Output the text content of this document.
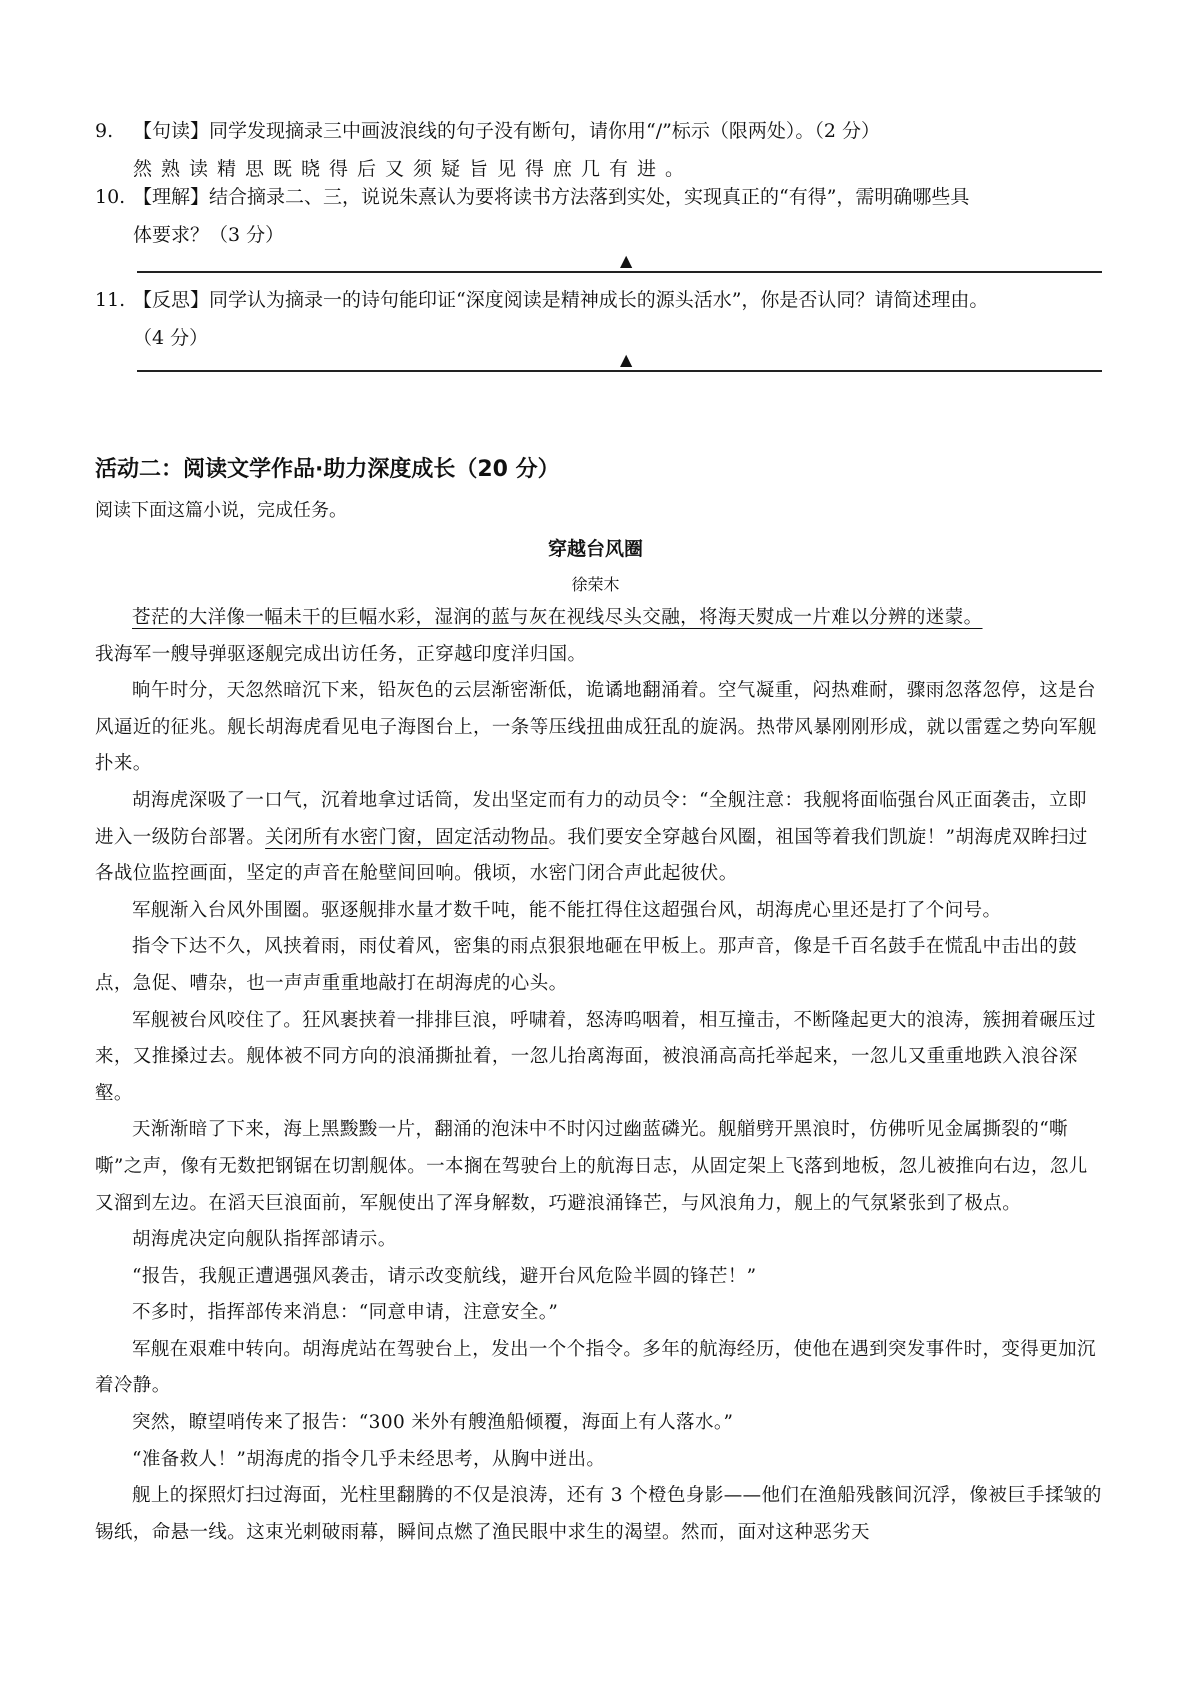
9. 【句读】同学发现摘录三中画波浪线的句子没有断句，请你用“/”标示（限两处）。（2 分）
然熟读精思既晓得后又须疑旨见得庶几有进。
10. 【理解】结合摘录二、三，说说朱熹认为要将读书方法落到实处，实现真正的“有得”，需明确哪些具
体要求？（3 分）
▲
11. 【反思】同学认为摘录一的诗句能印证“深度阅读是精神成长的源头活水”，你是否认同？请简述理由。
（4 分）
▲
活动二：阅读文学作品·助力深度成长（20 分）
阅读下面这篇小说，完成任务。
穿越台风圈
徐荣木

苍茫的大洋像一幅未干的巨幅水彩，湿润的蓝与灰在视线尽头交融，将海天熨成一片难以分辨的迷蒙。

我海军一艘导弹驱逐舰完成出访任务，正穿越印度洋归国。

晌午时分，天忽然暗沉下来，铅灰色的云层渐密渐低，诡谲地翻涌着。空气凝重，闷热难耐，骤雨忽落忽停，这是台风逼近的征兆。舰长胡海虎看见电子海图台上，一条等压线扭曲成狂乱的旋涡。热带风暴刚刚形成，就以雷霆之势向军舰扑来。

胡海虎深吸了一口气，沉着地拿过话筒，发出坚定而有力的动员令：“全舰注意：我舰将面临强台风正面袭击，立即进入一级防台部署。关闭所有水密门窗，固定活动物品。我们要安全穿越台风圈，祖国等着我们凯旋！”胡海虎双眸扫过各战位监控画面，坚定的声音在舱壁间回响。俄顷，水密门闭合声此起彼伏。

军舰渐入台风外围圈。驱逐舰排水量才数千吨，能不能扛得住这超强台风，胡海虎心里还是打了个问号。

指令下达不久，风挟着雨，雨仗着风，密集的雨点狠狠地砸在甲板上。那声音，像是千百名鼓手在慌乱中击出的鼓点，急促、嘈杂，也一声声重重地敲打在胡海虎的心头。

军舰被台风咬住了。狂风裹挟着一排排巨浪，呼啸着，怒涛呜咽着，相互撞击，不断隆起更大的浪涛，簇拥着碾压过来，又推搡过去。舰体被不同方向的浪涌撕扯着，一忽儿抬离海面，被浪涌高高托举起来，一忽儿又重重地跌入浪谷深壑。

天渐渐暗了下来，海上黑黢黢一片，翻涌的泡沫中不时闪过幽蓝磷光。舰艏劈开黑浪时，仿佛听见金属撕裂的“嘶嘶”之声，像有无数把钢锯在切割舰体。一本搁在驾驶台上的航海日志，从固定架上飞落到地板，忽儿被推向右边，忽儿又溜到左边。在滔天巨浪面前，军舰使出了浑身解数，巧避浪涌锋芒，与风浪角力，舰上的气氛紧张到了极点。

胡海虎决定向舰队指挥部请示。

“报告，我舰正遭遇强风袭击，请示改变航线，避开台风危险半圆的锋芒！”

不多时，指挥部传来消息：“同意申请，注意安全。”

军舰在艰难中转向。胡海虎站在驾驶台上，发出一个个指令。多年的航海经历，使他在遇到突发事件时，变得更加沉着冷静。

突然，瞭望哨传来了报告：“300 米外有艘渔船倾覆，海面上有人落水。”

“准备救人！”胡海虎的指令几乎未经思考，从胸中迸出。

舰上的探照灯扫过海面，光柱里翻腾的不仅是浪涛，还有 3 个橙色身影——他们在渔船残骸间沉浮，像被巨手揉皱的锡纸，命悬一线。这束光刺破雨幕，瞬间点燃了渔民眼中求生的渴望。然而，面对这种恶劣天
